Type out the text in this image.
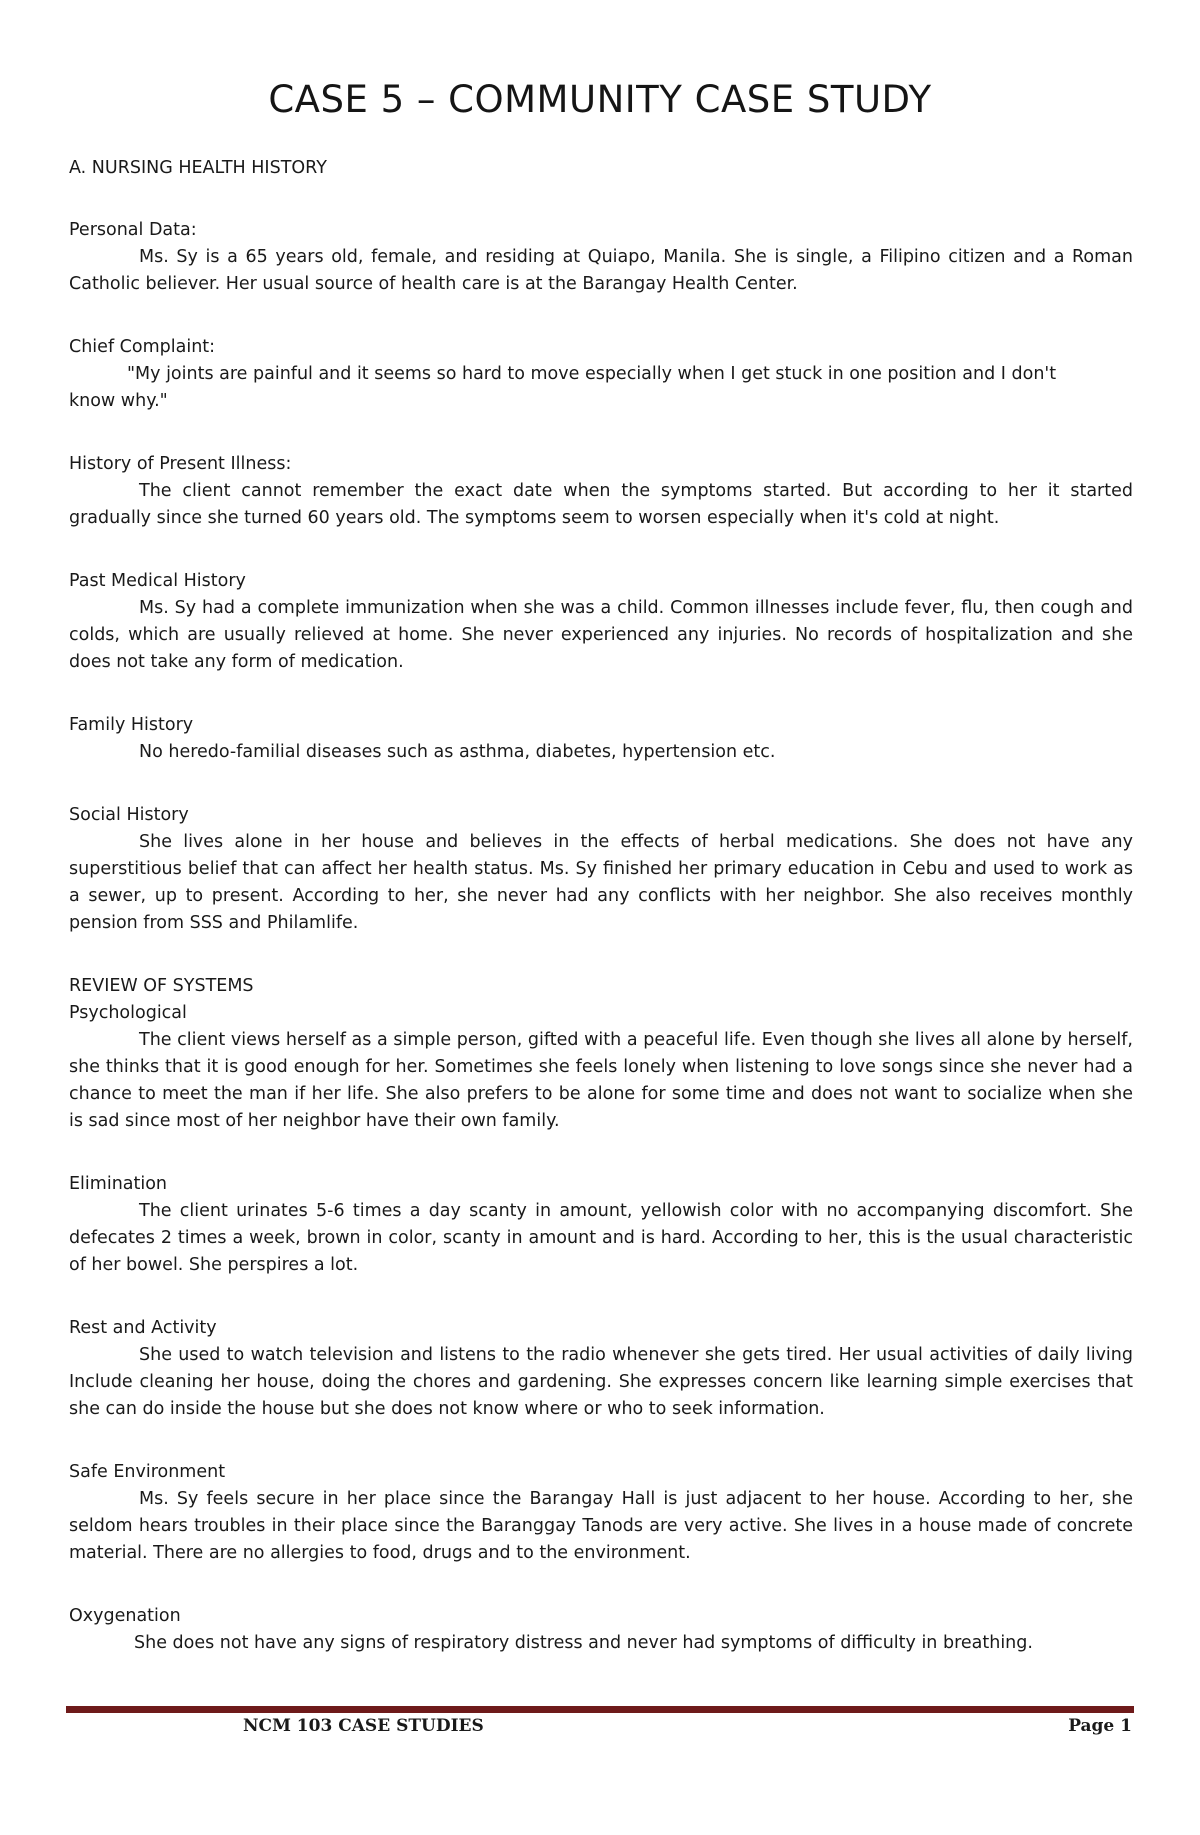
CASE 5 – COMMUNITY CASE STUDY

A. NURSING HEALTH HISTORY

Personal Data:

Ms. Sy is a 65 years old, female, and residing at Quiapo, Manila. She is single, a Filipino citizen and a Roman Catholic believer. Her usual source of health care is at the Barangay Health Center.

Chief Complaint:

"My joints are painful and it seems so hard to move especially when I get stuck in one position and I don't know why."

History of Present Illness:

The client cannot remember the exact date when the symptoms started. But according to her it started gradually since she turned 60 years old. The symptoms seem to worsen especially when it's cold at night.

Past Medical History

Ms. Sy had a complete immunization when she was a child. Common illnesses include fever, flu, then cough and colds, which are usually relieved at home. She never experienced any injuries. No records of hospitalization and she does not take any form of medication.

Family History

No heredo-familial diseases such as asthma, diabetes, hypertension etc.

Social History

She lives alone in her house and believes in the effects of herbal medications. She does not have any superstitious belief that can affect her health status. Ms. Sy finished her primary education in Cebu and used to work as a sewer, up to present. According to her, she never had any conflicts with her neighbor. She also receives monthly pension from SSS and Philamlife.

REVIEW OF SYSTEMS

Psychological

The client views herself as a simple person, gifted with a peaceful life. Even though she lives all alone by herself, she thinks that it is good enough for her. Sometimes she feels lonely when listening to love songs since she never had a chance to meet the man if her life. She also prefers to be alone for some time and does not want to socialize when she is sad since most of her neighbor have their own family.

Elimination

The client urinates 5-6 times a day scanty in amount, yellowish color with no accompanying discomfort. She defecates 2 times a week, brown in color, scanty in amount and is hard. According to her, this is the usual characteristic of her bowel. She perspires a lot.

Rest and Activity

She used to watch television and listens to the radio whenever she gets tired. Her usual activities of daily living Include cleaning her house, doing the chores and gardening. She expresses concern like learning simple exercises that she can do inside the house but she does not know where or who to seek information.

Safe Environment

Ms. Sy feels secure in her place since the Barangay Hall is just adjacent to her house. According to her, she seldom hears troubles in their place since the Baranggay Tanods are very active. She lives in a house made of concrete material. There are no allergies to food, drugs and to the environment.

Oxygenation

She does not have any signs of respiratory distress and never had symptoms of difficulty in breathing.

NCM 103 CASE STUDIES	Page 1
